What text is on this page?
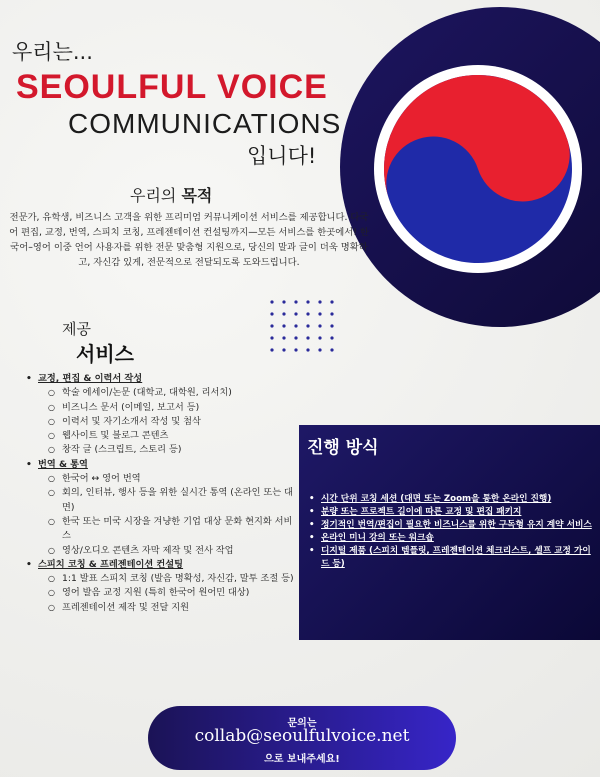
우리는...
SEOULFUL VOICE
COMMUNICATIONS
입니다!
우리의 목적
전문가, 유학생, 비즈니스 고객을 위한 프리미엄 커뮤니케이션 서비스를 제공합니다. 다국어 편집, 교정, 번역, 스피치 코칭, 프레젠테이션 컨설팅까지—모든 서비스를 한곳에서! 한국어–영어 이중 언어 사용자를 위한 전문 맞춤형 지원으로, 당신의 말과 글이 더욱 명확하고, 자신감 있게, 전문적으로 전달되도록 도와드립니다.
제공
서비스
• 교정, 편집 & 이력서 작성
○ 학술 에세이/논문 (대학교, 대학원, 리서치)
○ 비즈니스 문서 (이메일, 보고서 등)
○ 이력서 및 자기소개서 작성 및 첨삭
○ 웹사이트 및 블로그 콘텐츠
○ 창작 글 (스크립트, 스토리 등)
• 번역 & 통역
○ 한국어 ↔ 영어 번역
○ 회의, 인터뷰, 행사 등을 위한 실시간 통역 (온라인 또는 대면)
○ 한국 또는 미국 시장을 겨냥한 기업 대상 문화 현지화 서비스
○ 영상/오디오 콘텐츠 자막 제작 및 전사 작업
• 스피치 코칭 & 프레젠테이션 컨설팅
○ 1:1 발표 스피치 코칭 (발음 명확성, 자신감, 말투 조절 등)
○ 영어 발음 교정 지원 (특히 한국어 원어민 대상)
○ 프레젠테이션 제작 및 전달 지원
진행 방식
• 시간 단위 코칭 세션 (대면 또는 Zoom을 통한 온라인 진행)
• 분량 또는 프로젝트 길이에 따른 교정 및 편집 패키지
• 정기적인 번역/편집이 필요한 비즈니스를 위한 구독형 유지 계약 서비스
• 온라인 미니 강의 또는 워크숍
• 디지털 제품 (스피치 템플릿, 프레젠테이션 체크리스트, 셀프 교정 가이드 등)
문의는
collab@seoulfulvoice.net
으로 보내주세요!
